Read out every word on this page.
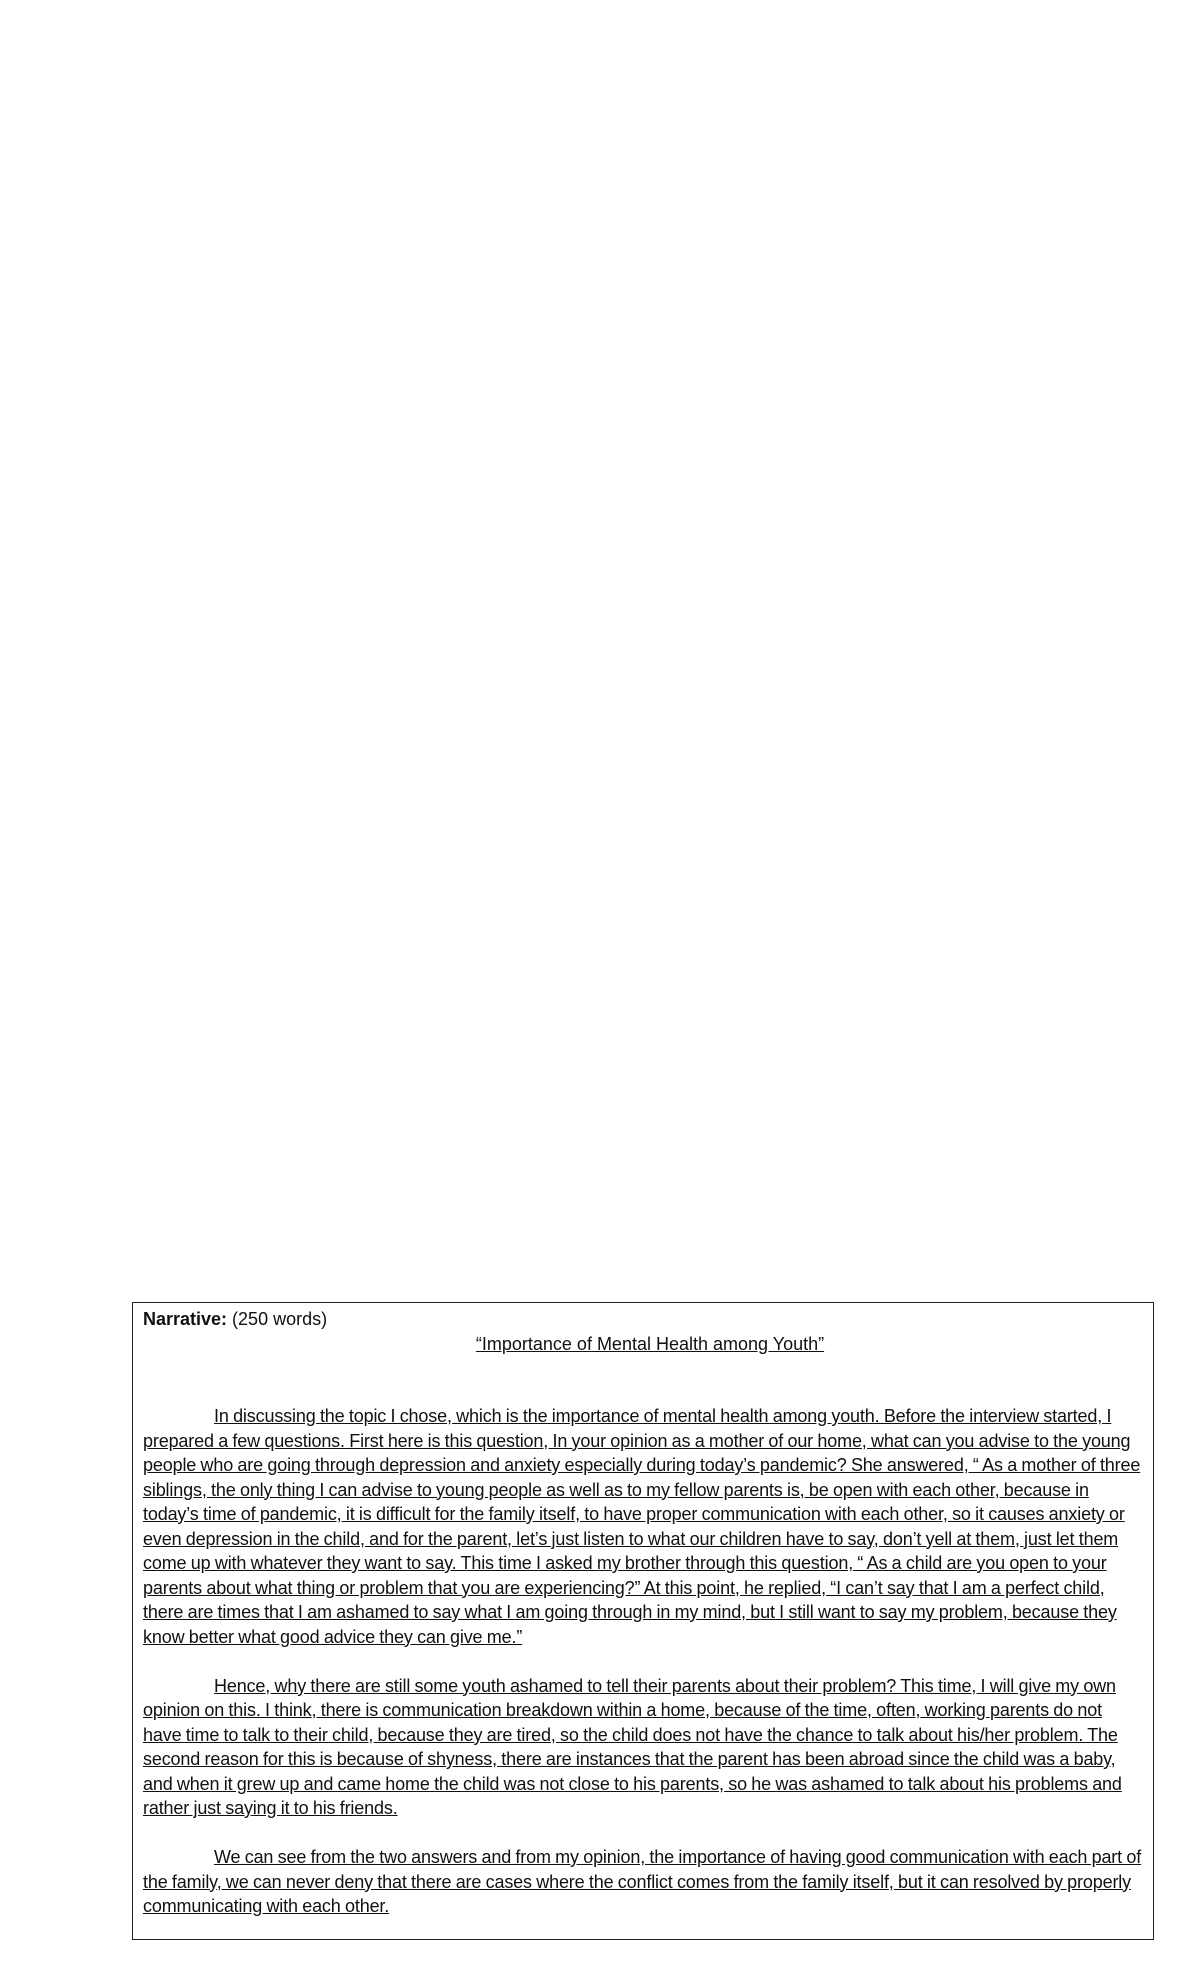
Narrative: (250 words)

“Importance of Mental Health among Youth”

In discussing the topic I chose, which is the importance of mental health among youth. Before the interview started, I prepared a few questions. First here is this question, In your opinion as a mother of our home, what can you advise to the young people who are going through depression and anxiety especially during today’s pandemic? She answered, “ As a mother of three siblings, the only thing I can advise to young people as well as to my fellow parents is, be open with each other, because in today’s time of pandemic, it is difficult for the family itself, to have proper communication with each other, so it causes anxiety or even depression in the child, and for the parent, let’s just listen to what our children have to say, don’t yell at them, just let them come up with whatever they want to say. This time I asked my brother through this question, “ As a child are you open to your parents about what thing or problem that you are experiencing?” At this point, he replied, “I can’t say that I am a perfect child, there are times that I am ashamed to say what I am going through in my mind, but I still want to say my problem, because they know better what good advice they can give me.”

Hence, why there are still some youth ashamed to tell their parents about their problem? This time, I will give my own opinion on this. I think, there is communication breakdown within a home, because of the time, often, working parents do not have time to talk to their child, because they are tired, so the child does not have the chance to talk about his/her problem. The second reason for this is because of shyness, there are instances that the parent has been abroad since the child was a baby, and when it grew up and came home the child was not close to his parents, so he was ashamed to talk about his problems and rather just saying it to his friends.

We can see from the two answers and from my opinion, the importance of having good communication with each part of the family, we can never deny that there are cases where the conflict comes from the family itself, but it can resolved by properly communicating with each other.
